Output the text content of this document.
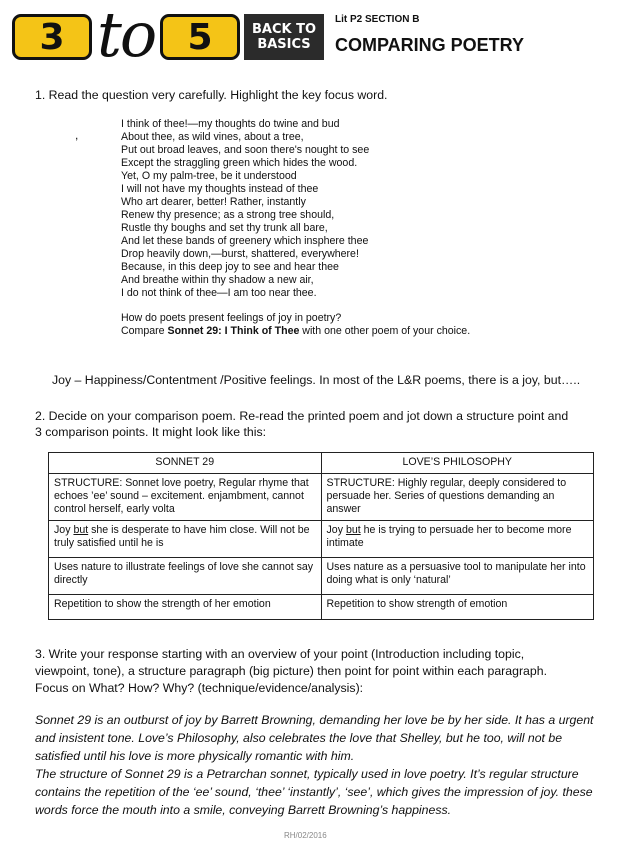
3 to 5	BACK TO
BASICS
Lit P2 SECTION B
COMPARING POETRY
1. Read the question very carefully. Highlight the key focus word.
,
I think of thee!—my thoughts do twine and bud
About thee, as wild vines, about a tree,
Put out broad leaves, and soon there's nought to see
Except the straggling green which hides the wood.
Yet, O my palm-tree, be it understood
I will not have my thoughts instead of thee
Who art dearer, better! Rather, instantly
Renew thy presence; as a strong tree should,
Rustle thy boughs and set thy trunk all bare,
And let these bands of greenery which insphere thee
Drop heavily down,—burst, shattered, everywhere!
Because, in this deep joy to see and hear thee
And breathe within thy shadow a new air,
I do not think of thee—I am too near thee.
How do poets present feelings of joy in poetry?
Compare Sonnet 29: I Think of Thee with one other poem of your choice.
Joy – Happiness/Contentment /Positive feelings. In most of the L&R poems, there is a joy, but…..
2. Decide on your comparison poem. Re-read the printed poem and jot down a structure point and
3 comparison points. It might look like this:
SONNET 29	LOVE’S PHILOSOPHY
STRUCTURE: Sonnet love poetry, Regular rhyme that echoes ’ee’ sound – excitement. enjambment, cannot control herself, early volta	STRUCTURE: Highly regular, deeply considered to persuade her. Series of questions demanding an answer
Joy but she is desperate to have him close. Will not be truly satisfied until he is	Joy but he is trying to persuade her to become more intimate
Uses nature to illustrate feelings of love she cannot say directly	Uses nature as a persuasive tool to manipulate her into doing what is only ‘natural’
Repetition to show the strength of her emotion	Repetition to show strength of emotion
3. Write your response starting with an overview of your point (Introduction including topic,
viewpoint, tone), a structure paragraph (big picture) then point for point within each paragraph.
Focus on What? How? Why? (technique/evidence/analysis):
Sonnet 29 is an outburst of joy by Barrett Browning, demanding her love be by her side. It has a urgent and insistent tone. Love’s Philosophy, also celebrates the love that Shelley, but he too, will not be satisfied until his love is more physically romantic with him.
The structure of Sonnet 29 is a Petrarchan sonnet, typically used in love poetry. It’s regular structure contains the repetition of the ‘ee’ sound, ‘thee’ ‘instantly’, ‘see’, which gives the impression of joy. these words force the mouth into a smile, conveying Barrett Browning’s happiness.
RH/02/2016
